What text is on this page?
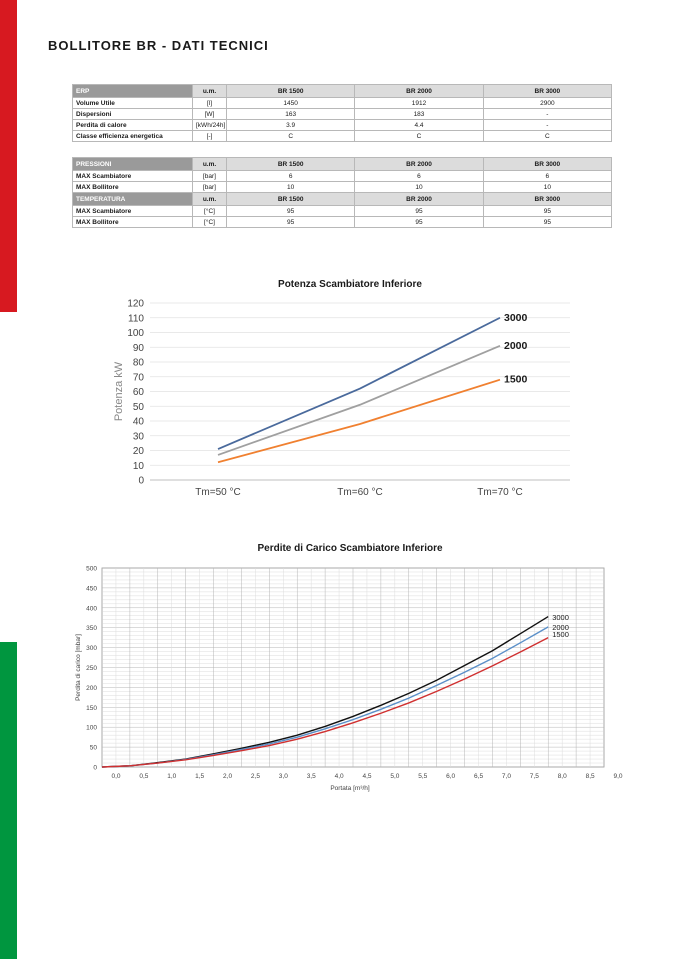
BOLLITORE BR - DATI TECNICI
ERP	u.m.	BR 1500	BR 2000	BR 3000
Volume Utile	[l]	1450	1912	2900
Dispersioni	[W]	163	183	-
Perdita di calore	[kWh/24h]	3.9	4.4	-
Classe efficienza energetica	[-]	C	C	C
PRESSIONI	u.m.	BR 1500	BR 2000	BR 3000
MAX Scambiatore	[bar]	6	6	6
MAX Bollitore	[bar]	10	10	10
TEMPERATURA	u.m.	BR 1500	BR 2000	BR 3000
MAX Scambiatore	[°C]	95	95	95
MAX Bollitore	[°C]	95	95	95
Potenza Scambiatore Inferiore
0
10
20
30
40
50
60
70
80
90
100
110
120
Tm=50 °C	Tm=60 °C	Tm=70 °C
Potenza kW
3000
2000
1500
Perdite di Carico Scambiatore Inferiore
0
50
100
150
200
250
300
350
400
450
500
0,0	0,5	1,0	1,5	2,0	2,5	3,0	3,5	4,0	4,5	5,0	5,5	6,0	6,5	7,0	7,5	8,0	8,5	9,0
Portata [m³/h]
Perdita di carico [mbar]
3000
2000
1500
